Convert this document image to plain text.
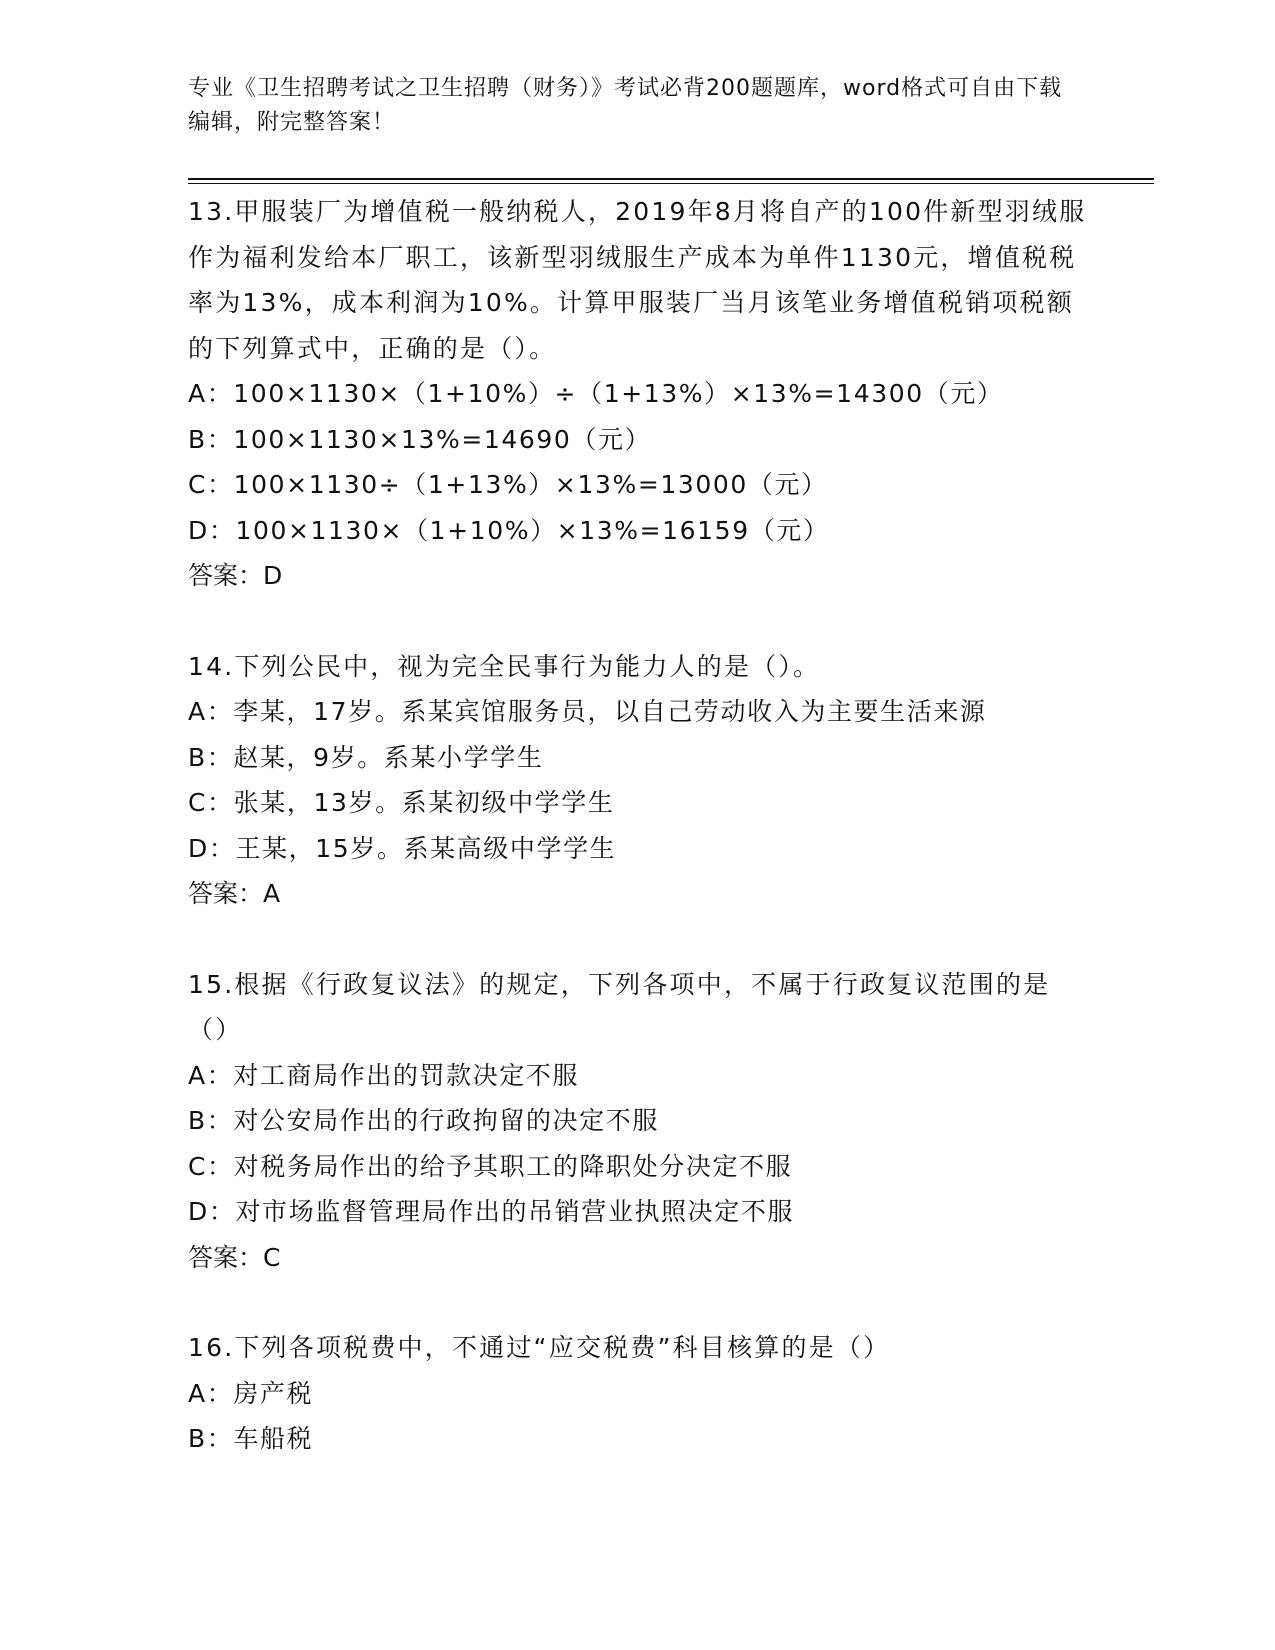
专业《卫生招聘考试之卫生招聘（财务）》考试必背200题题库，word格式可自由下载编辑，附完整答案！

13.甲服装厂为增值税一般纳税人，2019年8月将自产的100件新型羽绒服作为福利发给本厂职工，该新型羽绒服生产成本为单件1130元，增值税税率为13%，成本利润为10%。计算甲服装厂当月该笔业务增值税销项税额的下列算式中，正确的是（）。

A：100×1130×（1+10%）÷（1+13%）×13%=14300（元）

B：100×1130×13%=14690（元）

C：100×1130÷（1+13%）×13%=13000（元）

D：100×1130×（1+10%）×13%=16159（元）

答案：D

14.下列公民中，视为完全民事行为能力人的是（）。

A：李某，17岁。系某宾馆服务员，以自己劳动收入为主要生活来源

B：赵某，9岁。系某小学学生

C：张某，13岁。系某初级中学学生

D：王某，15岁。系某高级中学学生

答案：A

15.根据《行政复议法》的规定，下列各项中，不属于行政复议范围的是（）

A：对工商局作出的罚款决定不服

B：对公安局作出的行政拘留的决定不服

C：对税务局作出的给予其职工的降职处分决定不服

D：对市场监督管理局作出的吊销营业执照决定不服

答案：C

16.下列各项税费中，不通过“应交税费”科目核算的是（）

A：房产税

B：车船税
